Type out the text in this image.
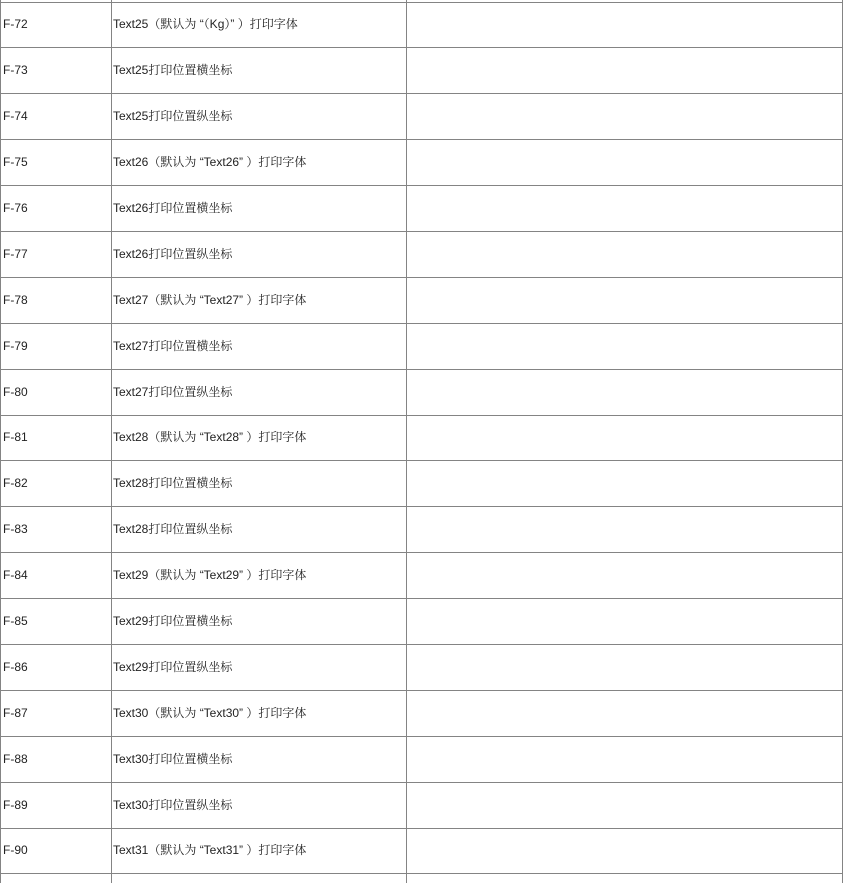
F-72	Text25（默认为 “（Kg）” ）打印字体	
F-73	Text25打印位置横坐标	
F-74	Text25打印位置纵坐标	
F-75	Text26（默认为 “Text26” ）打印字体	
F-76	Text26打印位置横坐标	
F-77	Text26打印位置纵坐标	
F-78	Text27（默认为 “Text27” ）打印字体	
F-79	Text27打印位置横坐标	
F-80	Text27打印位置纵坐标	
F-81	Text28（默认为 “Text28” ）打印字体	
F-82	Text28打印位置横坐标	
F-83	Text28打印位置纵坐标	
F-84	Text29（默认为 “Text29” ）打印字体	
F-85	Text29打印位置横坐标	
F-86	Text29打印位置纵坐标	
F-87	Text30（默认为 “Text30” ）打印字体	
F-88	Text30打印位置横坐标	
F-89	Text30打印位置纵坐标	
F-90	Text31（默认为 “Text31” ）打印字体	
